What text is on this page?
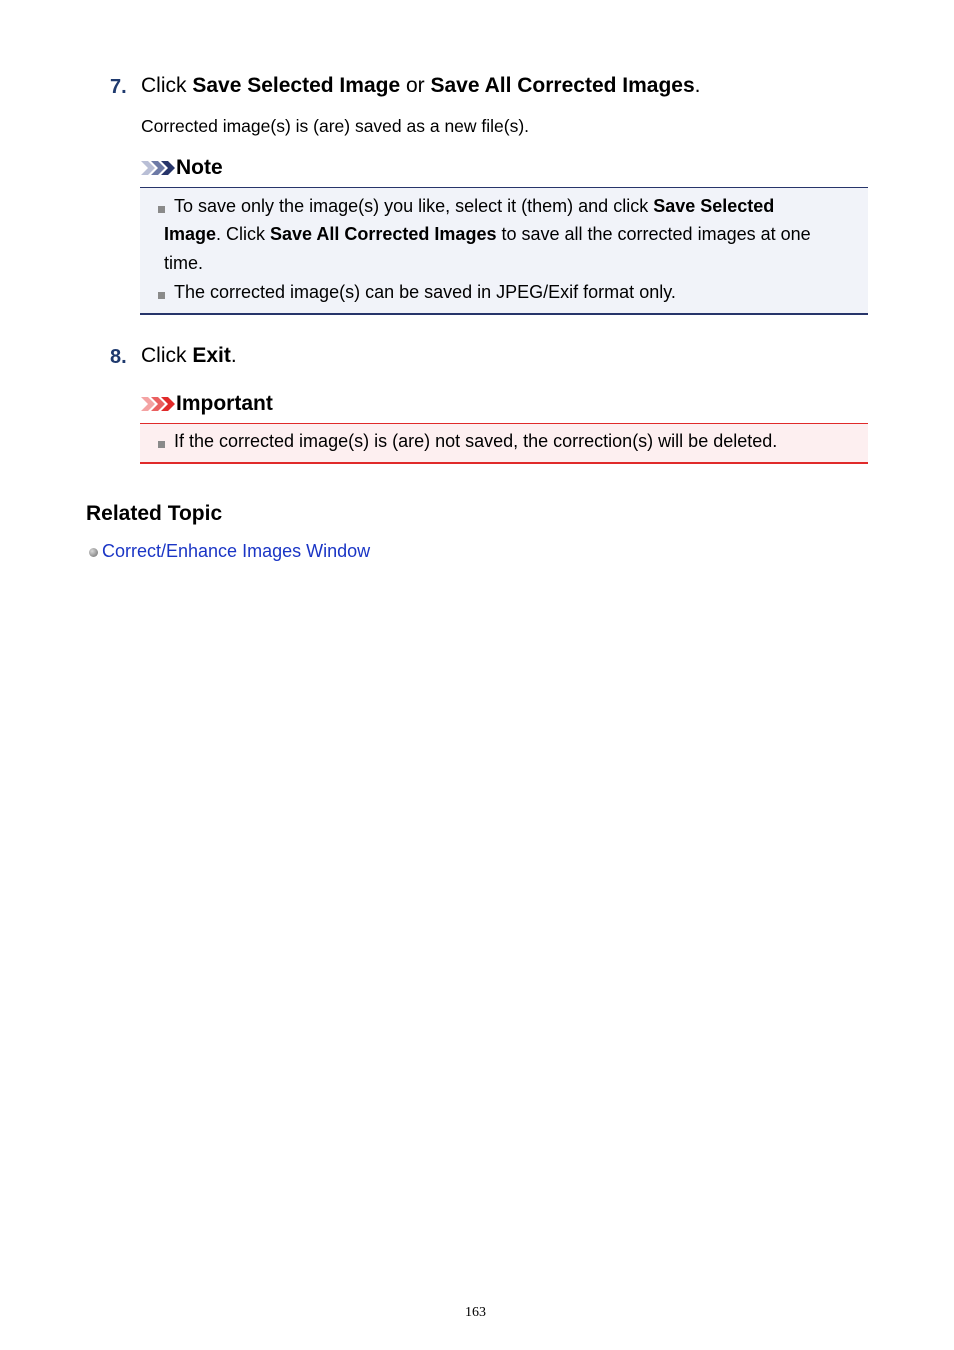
7. Click Save Selected Image or Save All Corrected Images.
Corrected image(s) is (are) saved as a new file(s).
Note
To save only the image(s) you like, select it (them) and click Save Selected
Image. Click Save All Corrected Images to save all the corrected images at one
time.
The corrected image(s) can be saved in JPEG/Exif format only.
8. Click Exit.
Important
If the corrected image(s) is (are) not saved, the correction(s) will be deleted.
Related Topic
Correct/Enhance Images Window
163
